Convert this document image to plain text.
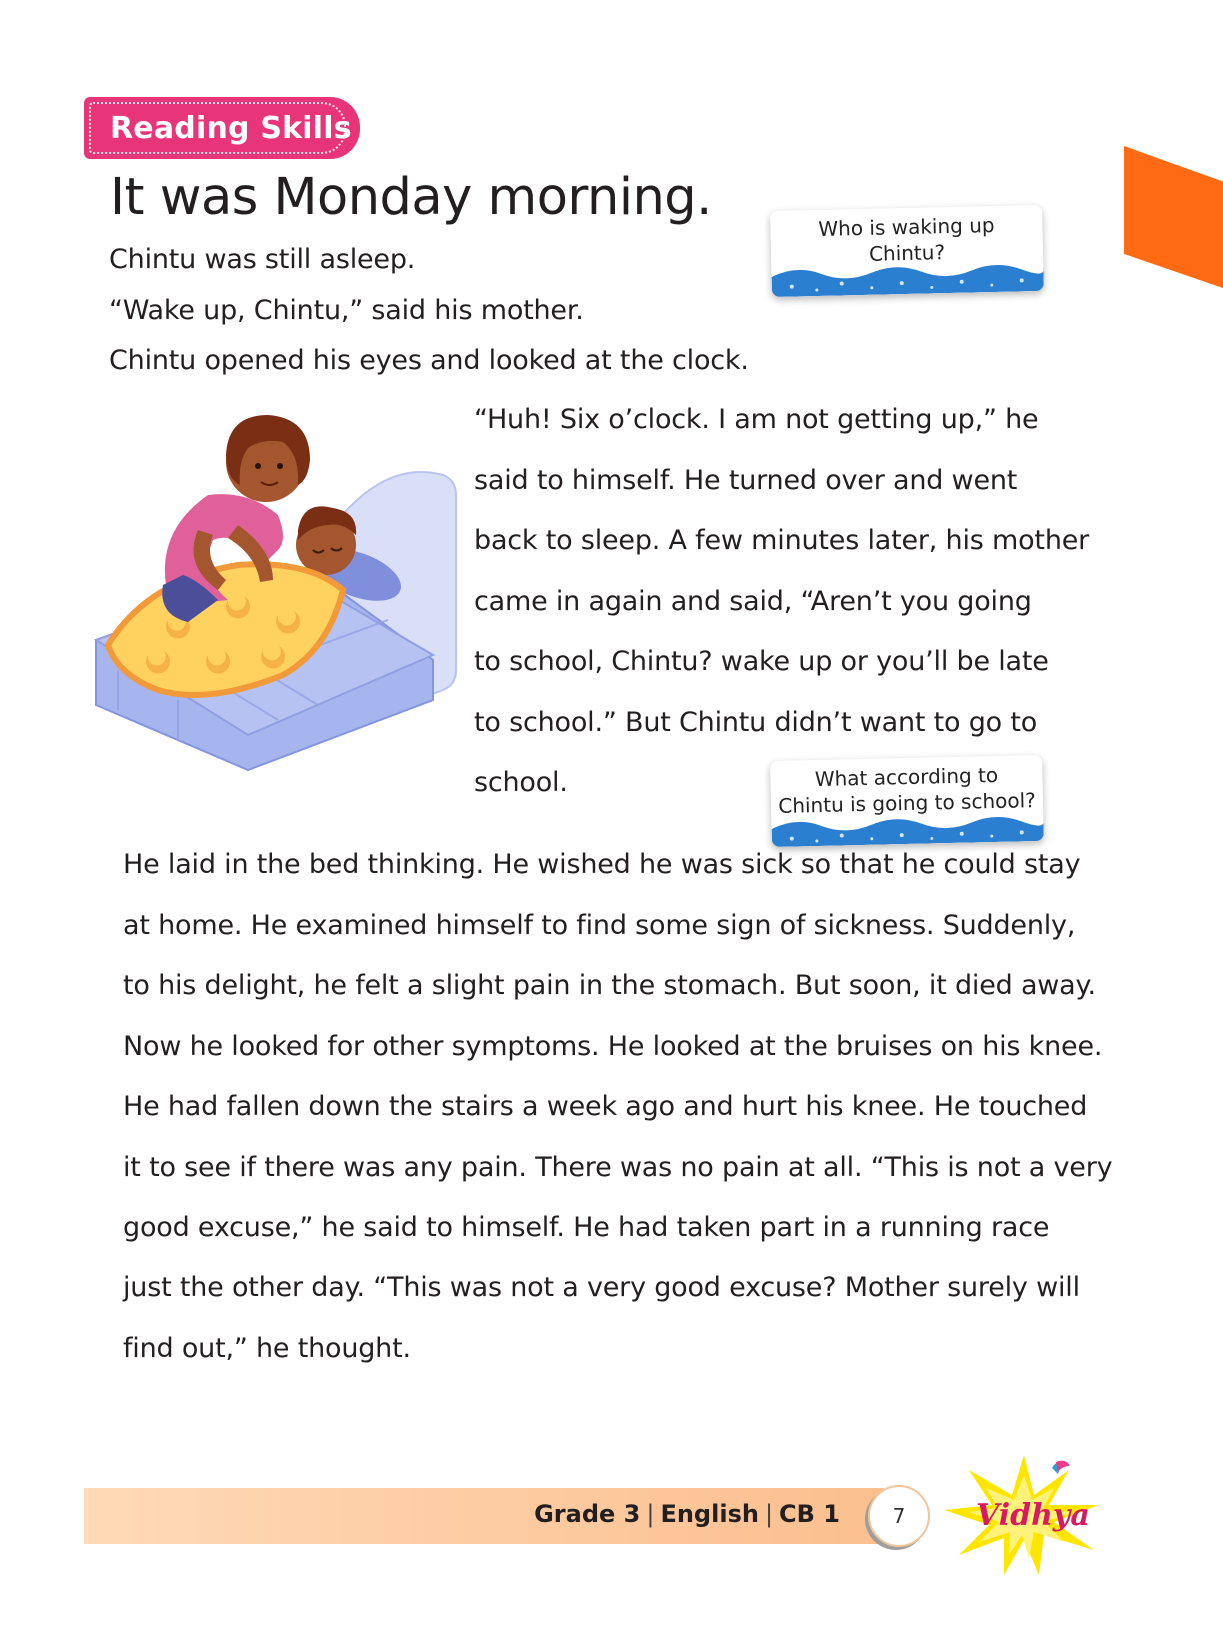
Reading Skills
It was Monday morning.
Chintu was still asleep.
“Wake up, Chintu,” said his mother.
Chintu opened his eyes and looked at the clock.
Who is waking up
Chintu?
“Huh! Six o’clock. I am not getting up,” he
said to himself. He turned over and went
back to sleep. A few minutes later, his mother
came in again and said, “Aren’t you going
to school, Chintu? wake up or you’ll be late
to school.” But Chintu didn’t want to go to
school.	What according to
Chintu is going to school?
He laid in the bed thinking. He wished he was sick so that he could stay
at home. He examined himself to find some sign of sickness. Suddenly,
to his delight, he felt a slight pain in the stomach. But soon, it died away.
Now he looked for other symptoms. He looked at the bruises on his knee.
He had fallen down the stairs a week ago and hurt his knee. He touched
it to see if there was any pain. There was no pain at all. “This is not a very
good excuse,” he said to himself. He had taken part in a running race
just the other day. “This was not a very good excuse? Mother surely will
find out,” he thought.
Grade 3 | English | CB 1	7	Vidhya
